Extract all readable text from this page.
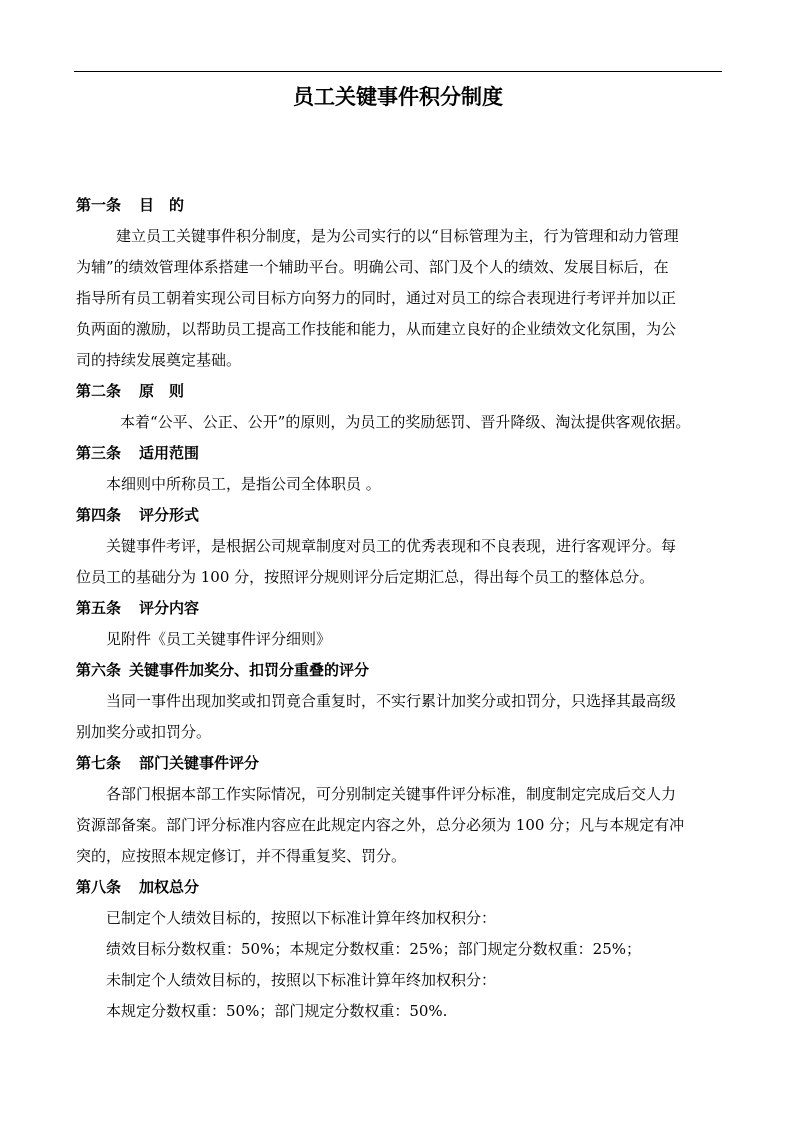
员工关键事件积分制度
第一条 目　的
建立员工关键事件积分制度，是为公司实行的以“目标管理为主，行为管理和动力管理
为辅”的绩效管理体系搭建一个辅助平台。明确公司、部门及个人的绩效、发展目标后，在
指导所有员工朝着实现公司目标方向努力的同时，通过对员工的综合表现进行考评并加以正
负两面的激励，以帮助员工提高工作技能和能力，从而建立良好的企业绩效文化氛围，为公
司的持续发展奠定基础。
第二条 原　则
本着“公平、公正、公开”的原则，为员工的奖励惩罚、晋升降级、淘汰提供客观依据。
第三条 适用范围
本细则中所称员工，是指公司全体职员 。
第四条 评分形式
关键事件考评，是根据公司规章制度对员工的优秀表现和不良表现，进行客观评分。每
位员工的基础分为 100 分，按照评分规则评分后定期汇总，得出每个员工的整体总分。
第五条 评分内容
见附件《员工关键事件评分细则》
第六条 关键事件加奖分、扣罚分重叠的评分
当同一事件出现加奖或扣罚竟合重复时，不实行累计加奖分或扣罚分，只选择其最高级
别加奖分或扣罚分。
第七条 部门关键事件评分
各部门根据本部工作实际情况，可分别制定关键事件评分标准，制度制定完成后交人力
资源部备案。部门评分标准内容应在此规定内容之外，总分必须为 100 分；凡与本规定有冲
突的，应按照本规定修订，并不得重复奖、罚分。
第八条 加权总分
已制定个人绩效目标的，按照以下标准计算年终加权积分：
绩效目标分数权重：50%；本规定分数权重：25%；部门规定分数权重：25%；
未制定个人绩效目标的，按照以下标准计算年终加权积分：
本规定分数权重：50%；部门规定分数权重：50%.
